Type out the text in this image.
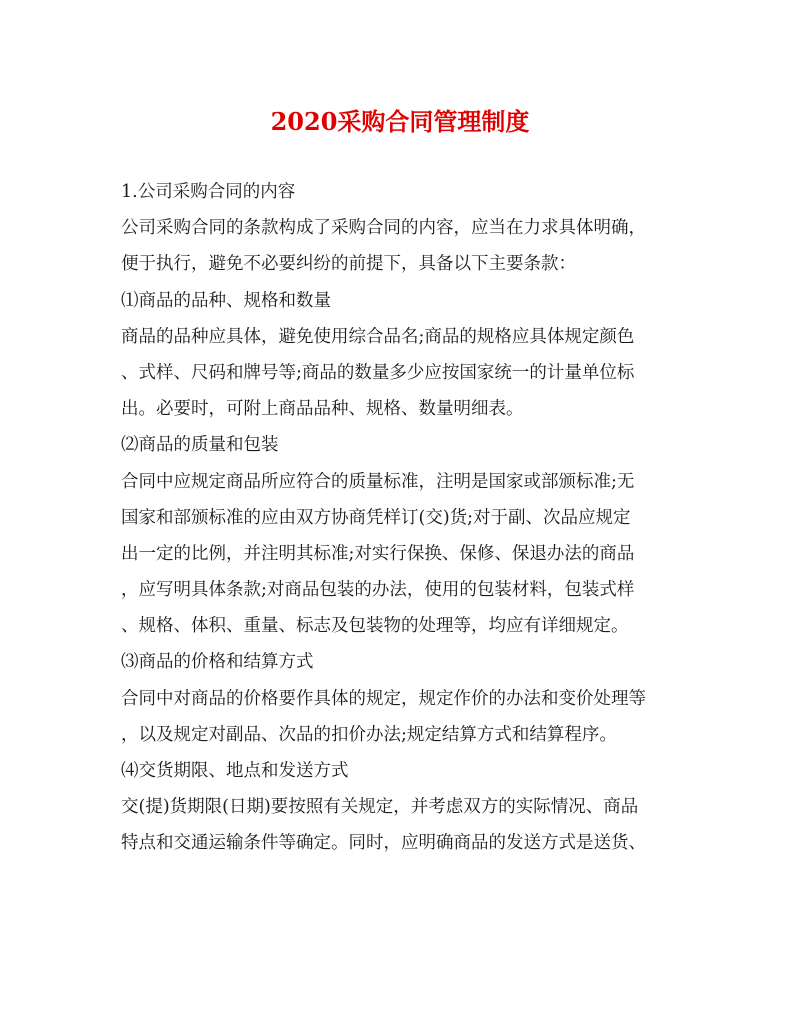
2020采购合同管理制度
1.公司采购合同的内容
公司采购合同的条款构成了采购合同的内容，应当在力求具体明确，
便于执行，避免不必要纠纷的前提下，具备以下主要条款：
⑴商品的品种、规格和数量
商品的品种应具体，避免使用综合品名;商品的规格应具体规定颜色
、式样、尺码和牌号等;商品的数量多少应按国家统一的计量单位标
出。必要时，可附上商品品种、规格、数量明细表。
⑵商品的质量和包装
合同中应规定商品所应符合的质量标准，注明是国家或部颁标准;无
国家和部颁标准的应由双方协商凭样订(交)货;对于副、次品应规定
出一定的比例，并注明其标准;对实行保换、保修、保退办法的商品
，应写明具体条款;对商品包装的办法，使用的包装材料，包装式样
、规格、体积、重量、标志及包装物的处理等，均应有详细规定。
⑶商品的价格和结算方式
合同中对商品的价格要作具体的规定，规定作价的办法和变价处理等
，以及规定对副品、次品的扣价办法;规定结算方式和结算程序。
⑷交货期限、地点和发送方式
交(提)货期限(日期)要按照有关规定，并考虑双方的实际情况、商品
特点和交通运输条件等确定。同时，应明确商品的发送方式是送货、
